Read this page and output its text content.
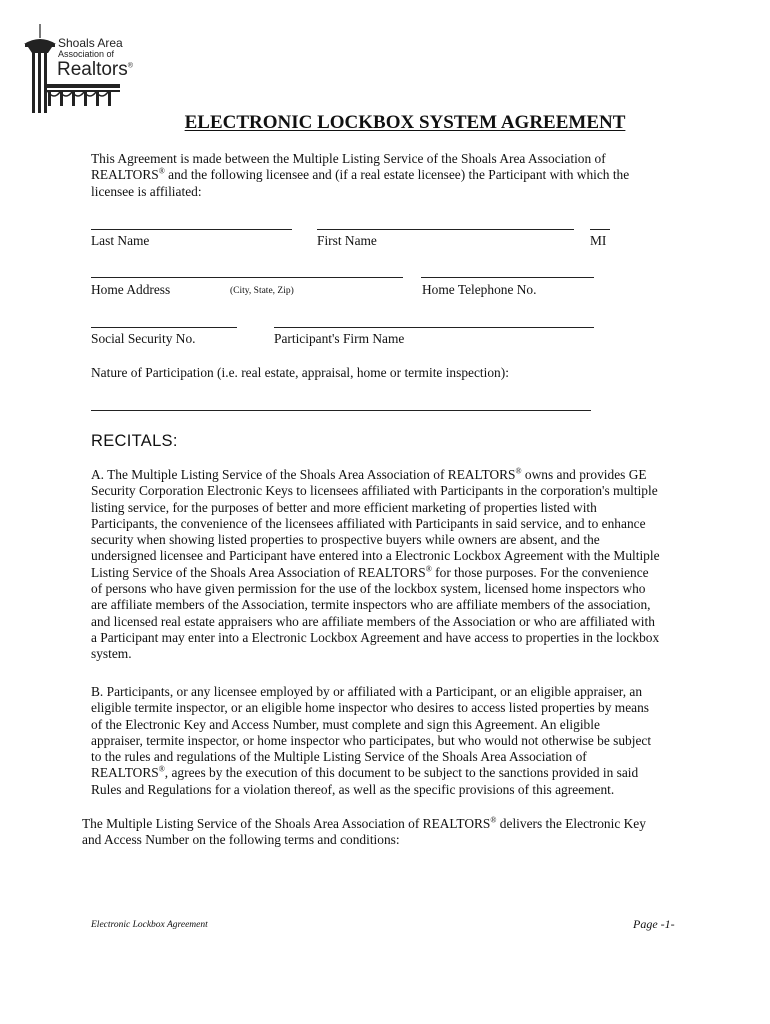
Shoals Area
Association of
Realtors®
ELECTRONIC LOCKBOX SYSTEM AGREEMENT
This Agreement is made between the Multiple Listing Service of the Shoals Area Association of
REALTORS® and the following licensee and (if a real estate licensee) the Participant with which the
licensee is affiliated:
Last Name	First Name	MI
Home Address	(City, State, Zip)	Home Telephone No.
Social Security No.	Participant's Firm Name
Nature of Participation (i.e. real estate, appraisal, home or termite inspection):
RECITALS:
A. The Multiple Listing Service of the Shoals Area Association of REALTORS® owns and provides GE
Security Corporation Electronic Keys to licensees affiliated with Participants in the corporation's multiple
listing service, for the purposes of better and more efficient marketing of properties listed with
Participants, the convenience of the licensees affiliated with Participants in said service, and to enhance
security when showing listed properties to prospective buyers while owners are absent, and the
undersigned licensee and Participant have entered into a Electronic Lockbox Agreement with the Multiple
Listing Service of the Shoals Area Association of REALTORS® for those purposes. For the convenience
of persons who have given permission for the use of the lockbox system, licensed home inspectors who
are affiliate members of the Association, termite inspectors who are affiliate members of the association,
and licensed real estate appraisers who are affiliate members of the Association or who are affiliated with
a Participant may enter into a Electronic Lockbox Agreement and have access to properties in the lockbox
system.
B. Participants, or any licensee employed by or affiliated with a Participant, or an eligible appraiser, an
eligible termite inspector, or an eligible home inspector who desires to access listed properties by means
of the Electronic Key and Access Number, must complete and sign this Agreement. An eligible
appraiser, termite inspector, or home inspector who participates, but who would not otherwise be subject
to the rules and regulations of the Multiple Listing Service of the Shoals Area Association of
REALTORS®, agrees by the execution of this document to be subject to the sanctions provided in said
Rules and Regulations for a violation thereof, as well as the specific provisions of this agreement.
The Multiple Listing Service of the Shoals Area Association of REALTORS® delivers the Electronic Key
and Access Number on the following terms and conditions:
Electronic Lockbox Agreement	Page -1-
